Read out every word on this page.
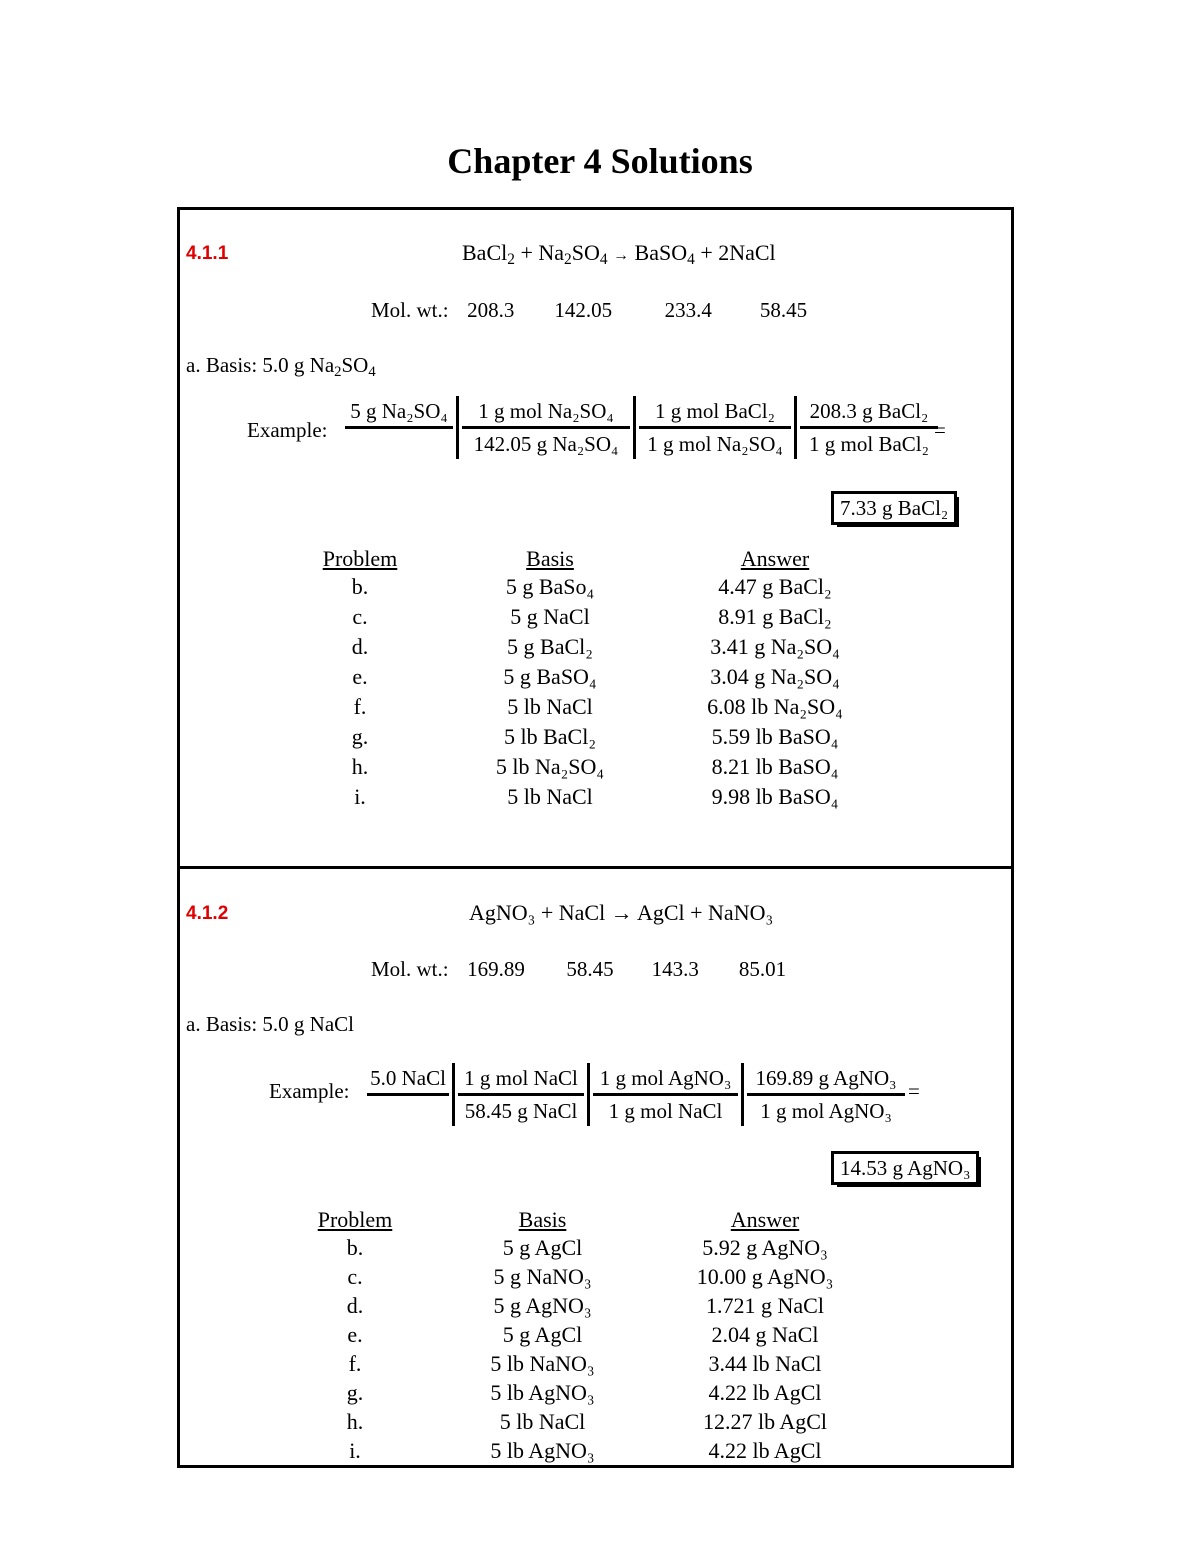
Chapter 4 Solutions
4.1.1	BaCl$_2$ + $Na_2SO_4$ → BaSO$_4$ + 2NaCl
Mol. wt.: 208.3 142.05	233.4 58.45
a. Basis: 5.0 g $Na_2SO_4$
Example:
5 g Na₂SO₄	1 g mol Na₂SO₄
142.05 g Na₂SO₄
1 g mol BaCl₂
1 g mol Na₂SO₄
208.3 g BaCl₂
1 g mol BaCl₂
=
7.33 g BaCl₂
Problem	Basis	Answer
b.	5 g BaSo₄	4.47 g BaCl₂
c.	5 g NaCl	8.91 g BaCl₂
d.	5 g BaCl₂	3.41 g Na₂SO₄
e.	5 g BaSO₄	3.04 g Na₂SO₄
f.	5 lb NaCl	6.08 lb Na₂SO₄
g.	5 lb BaCl₂	5.59 lb BaSO₄
h.	5 lb Na₂SO₄	8.21 lb BaSO₄
i.	5 lb NaCl	9.98 lb BaSO₄
4.1.2	AgNO₃ + NaCl → AgCl + NaNO₃
Mol. wt.: 169.89 58.45 143.3 85.01
a. Basis: 5.0 g NaCl
Example:
5.0 NaCl 1 g mol NaCl
58.45 g NaCl
1 g mol AgNO₃
1 g mol NaCl
169.89 g AgNO₃
1 g mol AgNO₃
=
14.53 g AgNO₃
Problem	Basis	Answer
b.	5 g AgCl	5.92 g AgNO₃
c.	5 g NaNO₃	10.00 g AgNO₃
d.	5 g AgNO₃	1.721 g NaCl
e.	5 g AgCl	2.04 g NaCl
f.	5 lb NaNO₃	3.44 lb NaCl
g.	5 lb AgNO₃	4.22 lb AgCl
h.	5 lb NaCl	12.27 lb AgCl
i.	5 lb AgNO₃	4.22 lb AgCl
